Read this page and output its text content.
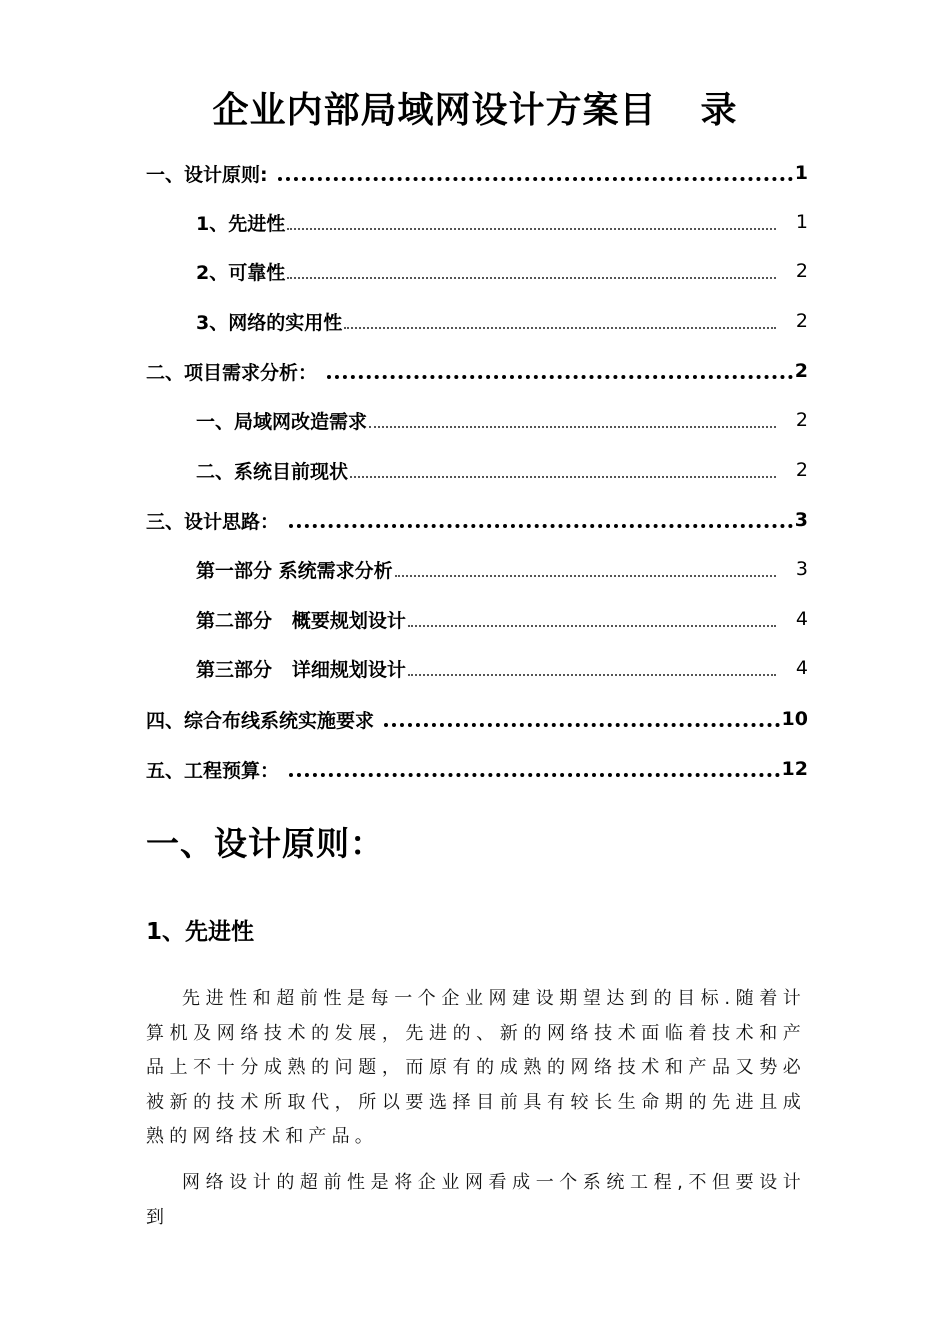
企业内部局域网设计方案目 录
一、设计原则:	1
1、先进性	1
2、可靠性	2
3、网络的实用性	2
二、项目需求分析：	2
一、局域网改造需求	2
二、系统目前现状	2
三、设计思路：	3
第一部分 系统需求分析	3
第二部分   概要规划设计	4
第三部分   详细规划设计	4
四、综合布线系统实施要求	10
五、工程预算：	12
一、设计原则：
1、先进性

先进性和超前性是每一个企业网建设期望达到的目标.随着计算机及网络技术的发展，先进的、新的网络技术面临着技术和产品上不十分成熟的问题，而原有的成熟的网络技术和产品又势必被新的技术所取代，所以要选择目前具有较长生命期的先进且成熟的网络技术和产品。

网络设计的超前性是将企业网看成一个系统工程,不但要设计到
